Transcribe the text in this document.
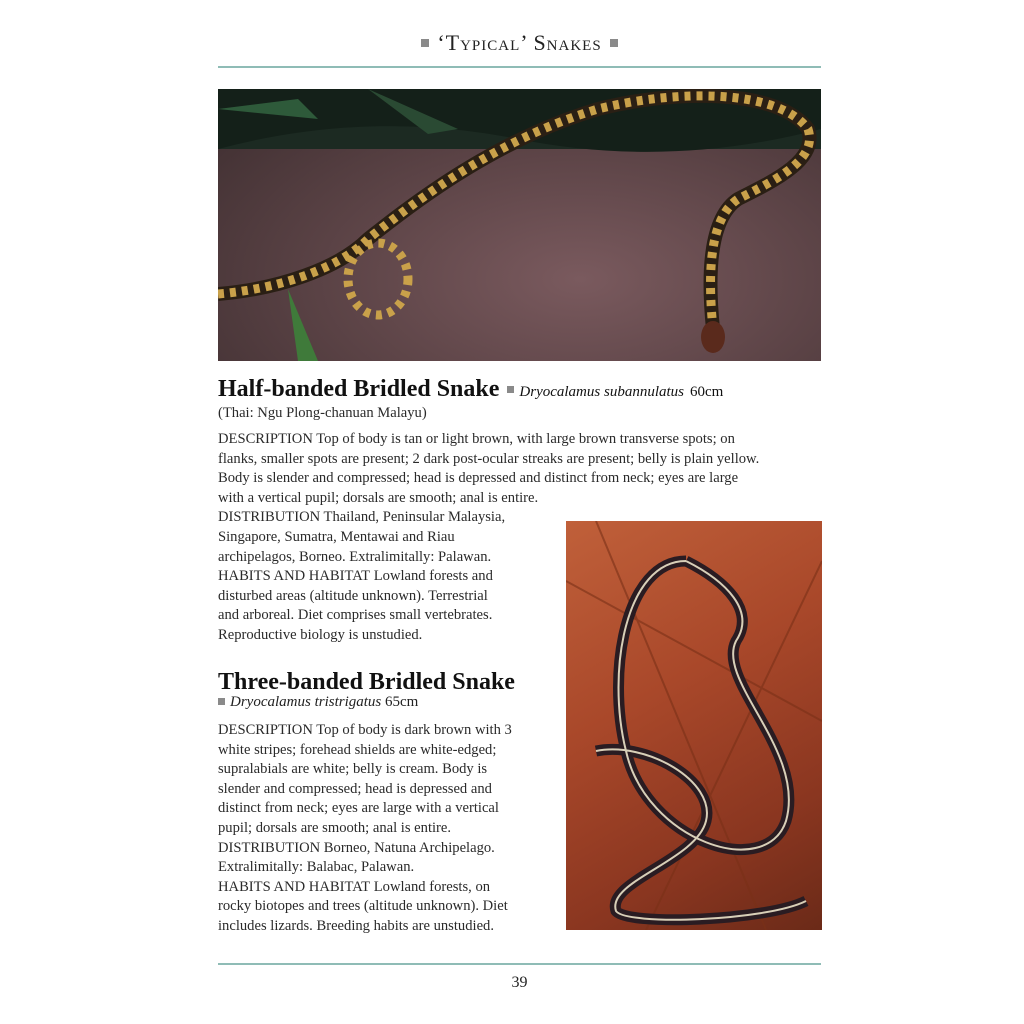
‘Typical’ Snakes
Half-banded Bridled Snake Dryocalamus subannulatus 60cm
(Thai: Ngu Plong-chanuan Malayu)
DESCRIPTION Top of body is tan or light brown, with large brown transverse spots; on
flanks, smaller spots are present; 2 dark post-ocular streaks are present; belly is plain yellow.
Body is slender and compressed; head is depressed and distinct from neck; eyes are large
with a vertical pupil; dorsals are smooth; anal is entire.
DISTRIBUTION Thailand, Peninsular Malaysia,
Singapore, Sumatra, Mentawai and Riau
archipelagos, Borneo. Extralimitally: Palawan.
HABITS AND HABITAT Lowland forests and
disturbed areas (altitude unknown). Terrestrial
and arboreal. Diet comprises small vertebrates.
Reproductive biology is unstudied.
Three-banded Bridled Snake
Dryocalamus tristrigatus 65cm
DESCRIPTION Top of body is dark brown with 3
white stripes; forehead shields are white-edged;
supralabials are white; belly is cream. Body is
slender and compressed; head is depressed and
distinct from neck; eyes are large with a vertical
pupil; dorsals are smooth; anal is entire.
DISTRIBUTION Borneo, Natuna Archipelago.
Extralimitally: Balabac, Palawan.
HABITS AND HABITAT Lowland forests, on
rocky biotopes and trees (altitude unknown). Diet
includes lizards. Breeding habits are unstudied.
39
